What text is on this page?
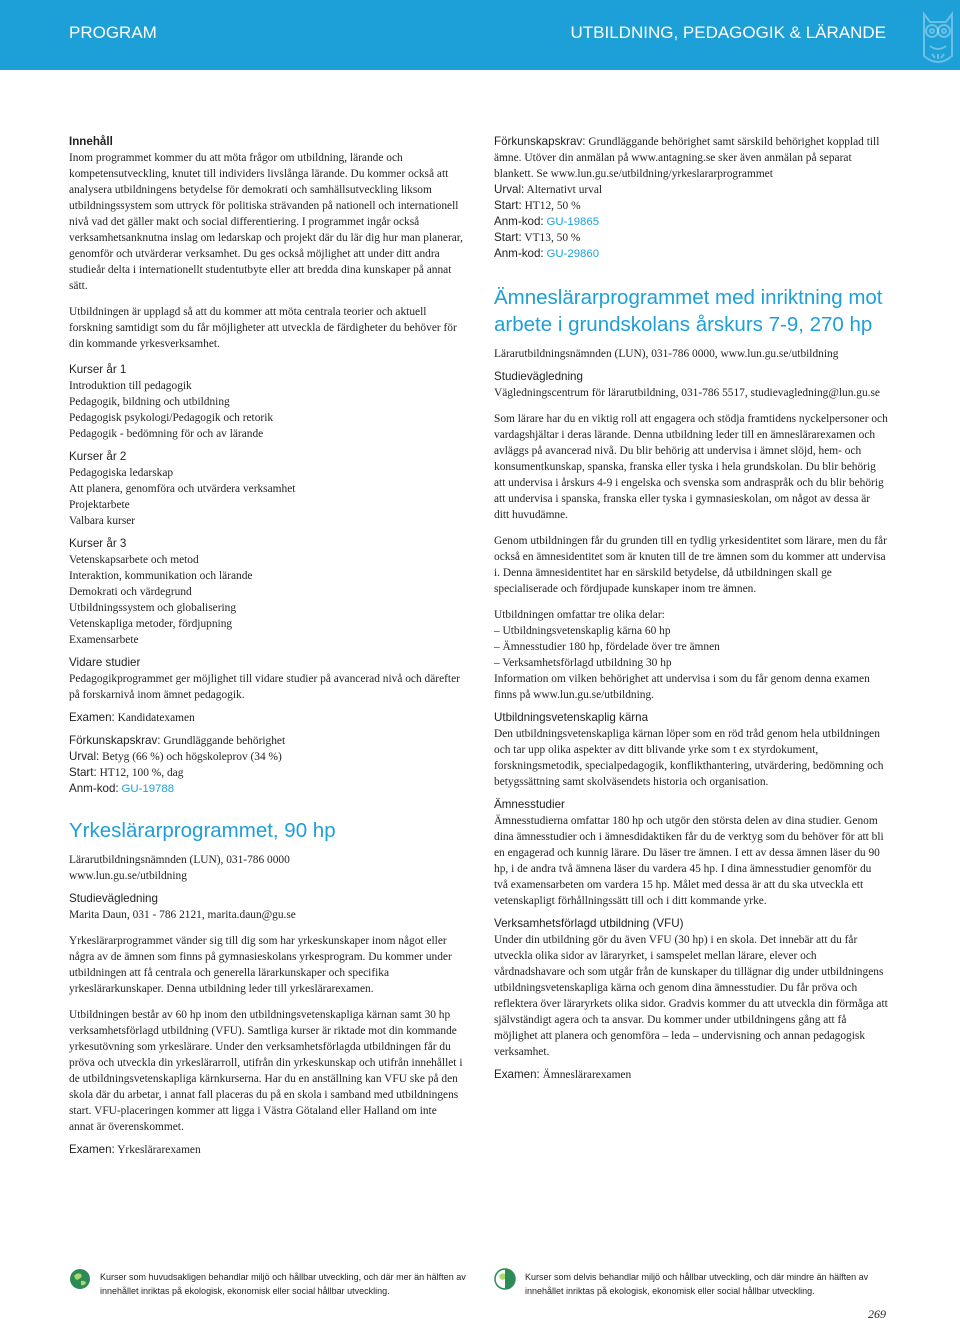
PROGRAM	UTBILDNING, PEDAGOGIK & LÄRANDE
Innehåll

Inom programmet kommer du att möta frågor om utbildning, lärande och kompetensutveckling, knutet till individers livslånga lärande. Du kommer också att analysera utbildningens betydelse för demokrati och samhällsutveckling liksom utbildningssystem som uttryck för politiska strävanden på nationell och internationell nivå vad det gäller makt och social differentiering. I programmet ingår också verksamhetsanknutna inslag om ledarskap och projekt där du lär dig hur man planerar, genomför och utvärderar verksamhet. Du ges också möjlighet att under ditt andra studieår delta i internationellt studentutbyte eller att bredda dina kunskaper på annat sätt.

Utbildningen är upplagd så att du kommer att möta centrala teorier och aktuell forskning samtidigt som du får möjligheter att utveckla de färdigheter du behöver för din kommande yrkesverksamhet.

Kurser år 1
Introduktion till pedagogik
Pedagogik, bildning och utbildning
Pedagogisk psykologi/Pedagogik och retorik
Pedagogik - bedömning för och av lärande
Kurser år 2
Pedagogiska ledarskap
Att planera, genomföra och utvärdera verksamhet
Projektarbete
Valbara kurser
Kurser år 3
Vetenskapsarbete och metod
Interaktion, kommunikation och lärande
Demokrati och värdegrund
Utbildningssystem och globalisering
Vetenskapliga metoder, fördjupning
Examensarbete
Vidare studier

Pedagogikprogrammet ger möjlighet till vidare studier på avancerad nivå och därefter på forskarnivå inom ämnet pedagogik.

Examen: Kandidatexamen

Förkunskapskrav: Grundläggande behörighet

Urval: Betyg (66 %) och högskoleprov (34 %)

Start: HT12, 100 %, dag

Anm-kod: GU-19788

Yrkeslärarprogrammet, 90 hp

Lärarutbildningsnämnden (LUN), 031-786 0000

www.lun.gu.se/utbildning

Studievägledning

Marita Daun, 031 - 786 2121, marita.daun@gu.se

Yrkeslärarprogrammet vänder sig till dig som har yrkeskunskaper inom något eller några av de ämnen som finns på gymnasieskolans yrkesprogram. Du kommer under utbildningen att få centrala och generella lärarkunskaper och specifika yrkeslärarkunskaper. Denna utbildning leder till yrkeslärarexamen.

Utbildningen består av 60 hp inom den utbildningsvetenskapliga kärnan samt 30 hp verksamhetsförlagd utbildning (VFU). Samtliga kurser är riktade mot din kommande yrkesutövning som yrkeslärare. Under den verksamhetsförlagda utbildningen får du pröva och utveckla din yrkeslärarroll, utifrån din yrkeskunskap och utifrån innehållet i de utbildningsvetenskapliga kärnkurserna. Har du en anställning kan VFU ske på den skola där du arbetar, i annat fall placeras du på en skola i samband med utbildningens start. VFU-placeringen kommer att ligga i Västra Götaland eller Halland om inte annat är överenskommet.

Examen: Yrkeslärarexamen

Förkunskapskrav: Grundläggande behörighet samt särskild behörighet kopplad till ämne. Utöver din anmälan på www.antagning.se sker även anmälan på separat blankett. Se www.lun.gu.se/utbildning/yrkeslararprogrammet

Urval: Alternativt urval

Start: HT12, 50 %

Anm-kod: GU-19865

Start: VT13, 50 %

Anm-kod: GU-29860

Ämneslärarprogrammet med inriktning mot arbete i grundskolans årskurs 7-9, 270 hp

Lärarutbildningsnämnden (LUN), 031-786 0000, www.lun.gu.se/utbildning

Studievägledning

Vägledningscentrum för lärarutbildning, 031-786 5517, studievagledning@lun.gu.se

Som lärare har du en viktig roll att engagera och stödja framtidens nyckelpersoner och vardagshjältar i deras lärande. Denna utbildning leder till en ämneslärarexamen och avläggs på avancerad nivå. Du blir behörig att undervisa i ämnet slöjd, hem- och konsumentkunskap, spanska, franska eller tyska i hela grundskolan. Du blir behörig att undervisa i årskurs 4-9 i engelska och svenska som andraspråk och du blir behörig att undervisa i spanska, franska eller tyska i gymnasieskolan, om något av dessa är ditt huvudämne.

Genom utbildningen får du grunden till en tydlig yrkesidentitet som lärare, men du får också en ämnesidentitet som är knuten till de tre ämnen som du kommer att undervisa i. Denna ämnesidentitet har en särskild betydelse, då utbildningen skall ge specialiserade och fördjupade kunskaper inom tre ämnen.

Utbildningen omfattar tre olika delar:

– Utbildningsvetenskaplig kärna 60 hp
– Ämnesstudier 180 hp, fördelade över tre ämnen
– Verksamhetsförlagd utbildning 30 hp

Information om vilken behörighet att undervisa i som du får genom denna examen finns på www.lun.gu.se/utbildning.

Utbildningsvetenskaplig kärna

Den utbildningsvetenskapliga kärnan löper som en röd tråd genom hela utbildningen och tar upp olika aspekter av ditt blivande yrke som t ex styrdokument, forskningsmetodik, specialpedagogik, konflikthantering, utvärdering, bedömning och betygssättning samt skolväsendets historia och organisation.

Ämnesstudier

Ämnesstudierna omfattar 180 hp och utgör den största delen av dina studier. Genom dina ämnesstudier och i ämnesdidaktiken får du de verktyg som du behöver för att bli en engagerad och kunnig lärare. Du läser tre ämnen. I ett av dessa ämnen läser du 90 hp, i de andra två ämnena läser du vardera 45 hp. I dina ämnesstudier genomför du två examensarbeten om vardera 15 hp. Målet med dessa är att du ska utveckla ett vetenskapligt förhållningssätt till och i ditt kommande yrke.

Verksamhetsförlagd utbildning (VFU)

Under din utbildning gör du även VFU (30 hp) i en skola. Det innebär att du får utveckla olika sidor av läraryrket, i samspelet mellan lärare, elever och vårdnadshavare och som utgår från de kunskaper du tillägnar dig under utbildningens utbildningsvetenskapliga kärna och genom dina ämnesstudier. Du får pröva och reflektera över läraryrkets olika sidor. Gradvis kommer du att utveckla din förmåga att självständigt agera och ta ansvar. Du kommer under utbildningens gång att få möjlighet att planera och genomföra – leda – undervisning och annan pedagogisk verksamhet.

Examen: Ämneslärarexamen

Kurser som huvudsakligen behandlar miljö och hållbar utveckling, och där mer än hälften av innehållet inriktas på ekologisk, ekonomisk eller social hållbar utveckling.
Kurser som delvis behandlar miljö och hållbar utveckling, och där mindre än hälften av innehållet inriktas på ekologisk, ekonomisk eller social hållbar utveckling.
269
